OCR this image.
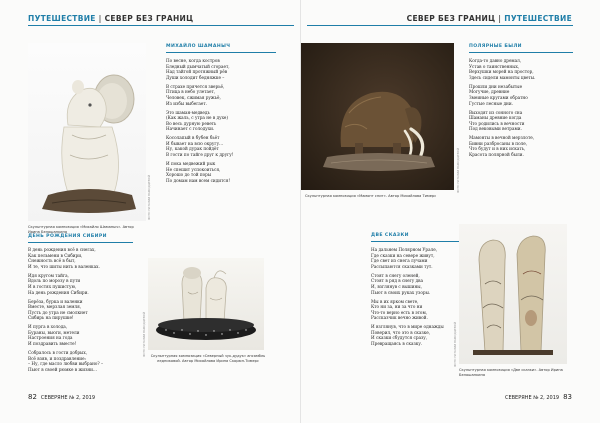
ПУТЕШЕСТВИЕ | СЕВЕР БЕЗ ГРАНИЦ
ФОТО НАТАЛИИ ВЫХОДЦЕВОЙ
Скульптурная композиция «Михайло Шаманыч». Автор Ирина Белошапкина
МИХАЙЛО ШАМАНЫЧ
По весне, когда костров
Бледный дымчатый сгорает,
Над тайгой протяжный рёв
Души холодит бедняжке –
В страхе прячется зверьё,
Птица в небо улетает,
Человек, сжимая ружьё,
Из избы выбегает.
Это шаман-медведь
(Как жаль, с утра не в духе)
Во весь дурную реветь
Начинает с голодухи.
Косолапый в бубен бьёт
И бывает на всю округу…
Ну, какой дурак пойдёт
В гости по тайге друг к другу!
И пока медвежий рык
Не спешит успокоиться,
Хорошо до той поры
По домам нам всем сидится!
ДЕНЬ РОЖДЕНИЯ СИБИРИ
В день рождения всё в снегах,
Как пельмени в Сибири,
Снежность всё в быт,
И те, что шиты нить в валенках.
Идя кругом тайга,
Вдоль по морозу в пути
И в гостях пушистую,
На день рождения Сибири.
Берёза, бурка и валенки
Вместе, мерзлая земля,
Пусть до утра не смолкнет
Сибирь на пирушке!
И пурга в холода,
Бураны, вьюги, метели
Настроения на года
И поздравить вместе!
Собралось в гости добрых,
Всё взяв, и поздравление:
– Ну, где масло любви выбрано? –
Пьют в своей рюмке в жизни...
ФОТО НАТАЛИИ ВЫХОДЦЕВОЙ	Скульптурная композиция «Северный чук-дудук» ансамбль ледниковой. Автор Михайлова Ирина Скорюп-Тимерс
82 СЕВЕРЯНЕ № 2, 2019
СЕВЕР БЕЗ ГРАНИЦ | ПУТЕШЕСТВИЕ
ФОТО НАТАЛИИ ВЫХОДЦЕВОЙ
Скульптурная композиция «Мамонт спит». Автор Михайлова Тимерс
ПОЛЯРНЫЕ БЫЛИ
Когда-то давно дремал,
Устав о таинственных,
Верхушки морей на простор,
Здесь сидели мамонты цветы.
Прошли дни незабытые
Могучие, древние
Змеиные кругами обратно
Густые лесные дни.
Выходят из сонного сна
Шаманы древние когда
Что родились в вечности
Под вековыми ветрами.
Мамонты в вечной мерзлоте,
Бивни разбросаны в поле,
Что будут и в них искать,
Красота полярной были.
ДВЕ СКАЗКИ
На дальнем Полярном Урале,
Где сказки на севере живут,
Где свет из снега лучами
Рассыпаются сказками тут.
Стоят в снегу оленей,
Стоят в ряд в снегу два
И, взглянув с вышины,
Пьют в своих руках узоры.
Мы в их ярком свете,
Кто ни за, ни за что ни
Что-то верно есть в этом,
Рассказчик вечно живой.
И взглянув, что в мире однажды
Поверил, что это в сказке,
И сказки сбудутся сразу,
Превращаясь в сказку.	ФОТО НАТАЛИИ ВЫХОДЦЕВОЙ
Скульптурная композиция «Две сказки». Автор Ирина Белошапкина
СЕВЕРЯНЕ № 2, 2019 83
